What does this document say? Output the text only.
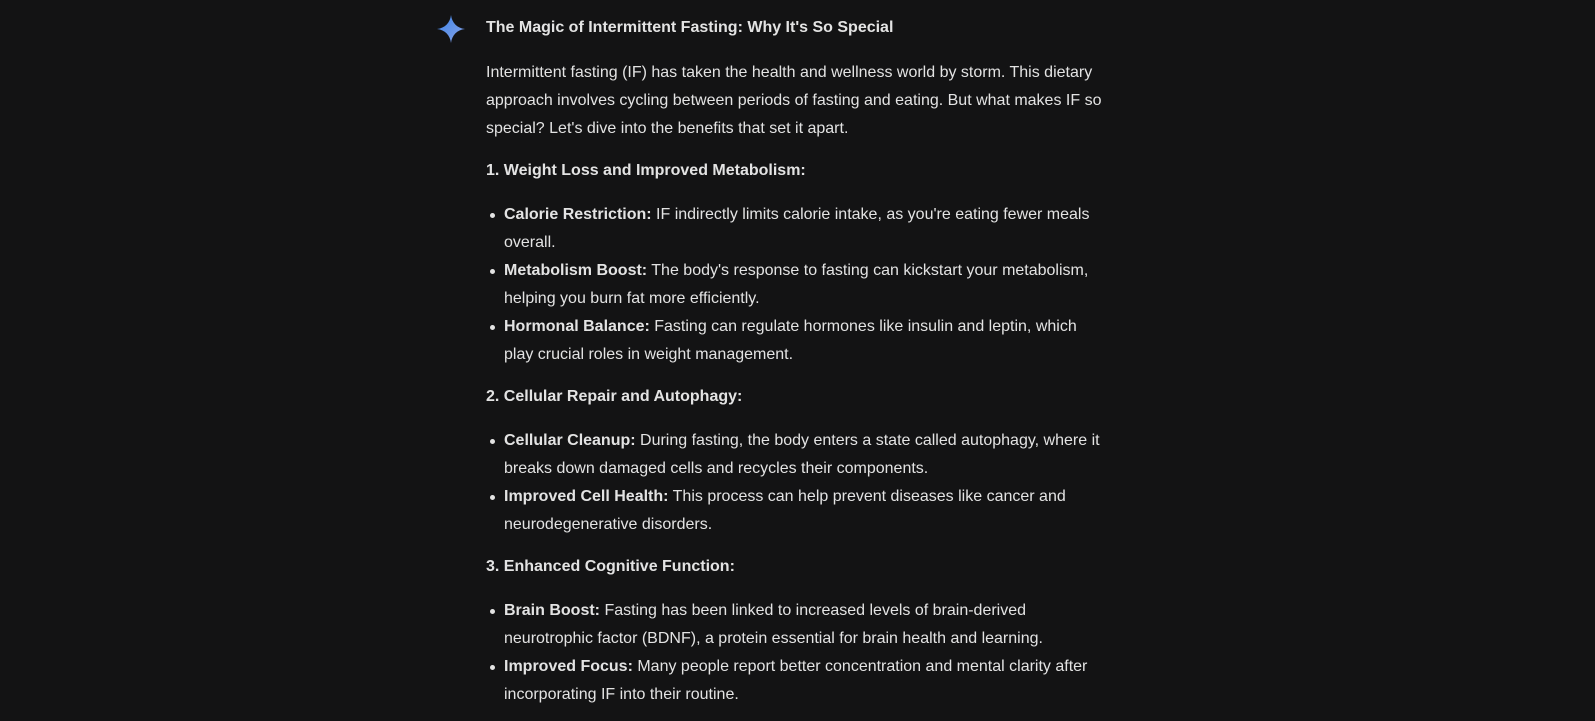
The Magic of Intermittent Fasting: Why It's So Special

Intermittent fasting (IF) has taken the health and wellness world by storm. This dietary approach involves cycling between periods of fasting and eating. But what makes IF so special? Let's dive into the benefits that set it apart.

1. Weight Loss and Improved Metabolism:

Calorie Restriction: IF indirectly limits calorie intake, as you're eating fewer meals overall.
Metabolism Boost: The body's response to fasting can kickstart your metabolism, helping you burn fat more efficiently.
Hormonal Balance: Fasting can regulate hormones like insulin and leptin, which play crucial roles in weight management.

2. Cellular Repair and Autophagy:

Cellular Cleanup: During fasting, the body enters a state called autophagy, where it breaks down damaged cells and recycles their components.
Improved Cell Health: This process can help prevent diseases like cancer and neurodegenerative disorders.

3. Enhanced Cognitive Function:

Brain Boost: Fasting has been linked to increased levels of brain-derived neurotrophic factor (BDNF), a protein essential for brain health and learning.
Improved Focus: Many people report better concentration and mental clarity after incorporating IF into their routine.
